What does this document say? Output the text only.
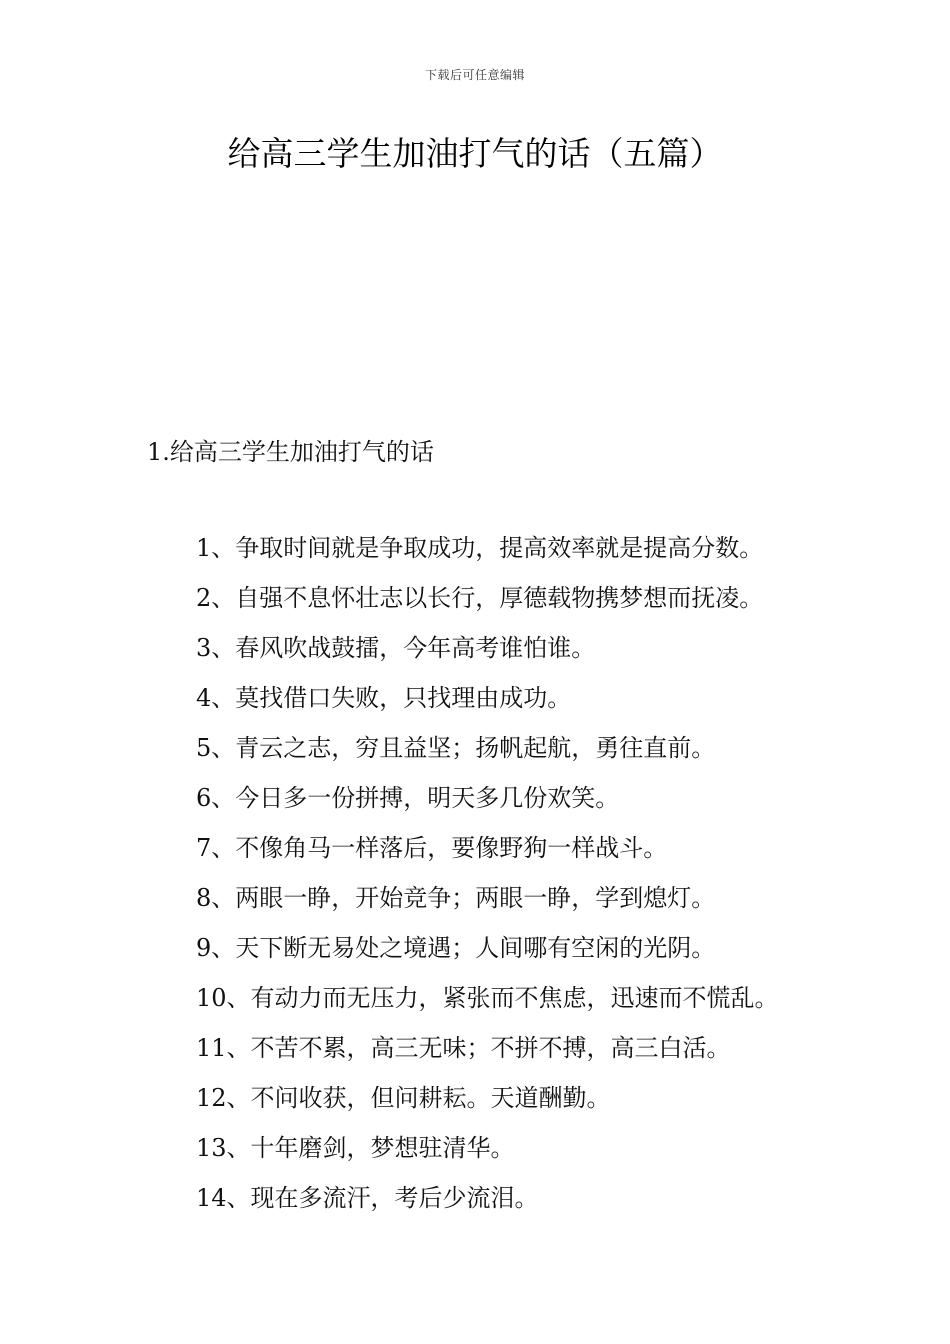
下载后可任意编辑
给高三学生加油打气的话（五篇）
1.给高三学生加油打气的话
1、争取时间就是争取成功，提高效率就是提高分数。
2、自强不息怀壮志以长行，厚德载物携梦想而抚凌。
3、春风吹战鼓擂，今年高考谁怕谁。
4、莫找借口失败，只找理由成功。
5、青云之志，穷且益坚；扬帆起航，勇往直前。
6、今日多一份拼搏，明天多几份欢笑。
7、不像角马一样落后，要像野狗一样战斗。
8、两眼一睁，开始竞争；两眼一睁，学到熄灯。
9、天下断无易处之境遇；人间哪有空闲的光阴。
10、有动力而无压力，紧张而不焦虑，迅速而不慌乱。
11、不苦不累，高三无味；不拼不搏，高三白活。
12、不问收获，但问耕耘。天道酬勤。
13、十年磨剑，梦想驻清华。
14、现在多流汗，考后少流泪。
